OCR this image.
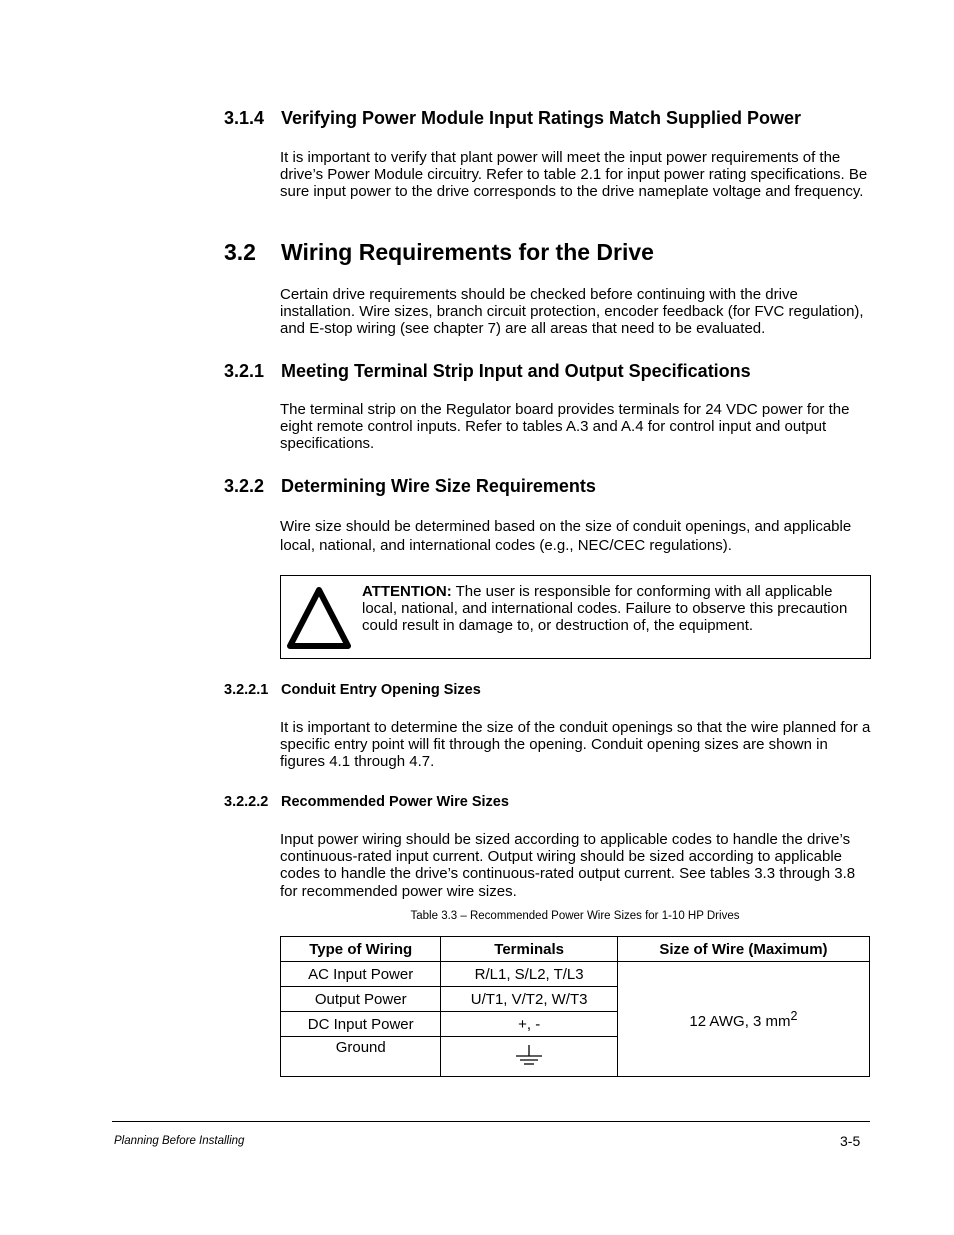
3.1.4 Verifying Power Module Input Ratings Match Supplied Power
It is important to verify that plant power will meet the input power requirements of the drive’s Power Module circuitry. Refer to table 2.1 for input power rating specifications. Be sure input power to the drive corresponds to the drive nameplate voltage and frequency.
3.2 Wiring Requirements for the Drive
Certain drive requirements should be checked before continuing with the drive installation. Wire sizes, branch circuit protection, encoder feedback (for FVC regulation), and E-stop wiring (see chapter 7) are all areas that need to be evaluated.
3.2.1 Meeting Terminal Strip Input and Output Specifications
The terminal strip on the Regulator board provides terminals for 24 VDC power for the eight remote control inputs. Refer to tables A.3 and A.4 for control input and output specifications.
3.2.2 Determining Wire Size Requirements
Wire size should be determined based on the size of conduit openings, and applicable local, national, and international codes (e.g., NEC/CEC regulations).
ATTENTION: The user is responsible for conforming with all applicable local, national, and international codes. Failure to observe this precaution could result in damage to, or destruction of, the equipment.
3.2.2.1 Conduit Entry Opening Sizes
It is important to determine the size of the conduit openings so that the wire planned for a specific entry point will fit through the opening. Conduit opening sizes are shown in figures 4.1 through 4.7.
3.2.2.2 Recommended Power Wire Sizes
Input power wiring should be sized according to applicable codes to handle the drive’s continuous-rated input current. Output wiring should be sized according to applicable codes to handle the drive’s continuous-rated output current. See tables 3.3 through 3.8 for recommended power wire sizes.
Table 3.3 – Recommended Power Wire Sizes for 1-10 HP Drives
Type of Wiring	Terminals	Size of Wire (Maximum)
AC Input Power	R/L1, S/L2, T/L3	12 AWG, 3 $mm^2$
Output Power	U/T1, V/T2, W/T3	
DC Input Power	+, -	
Ground	
Planning Before Installing	3-5
